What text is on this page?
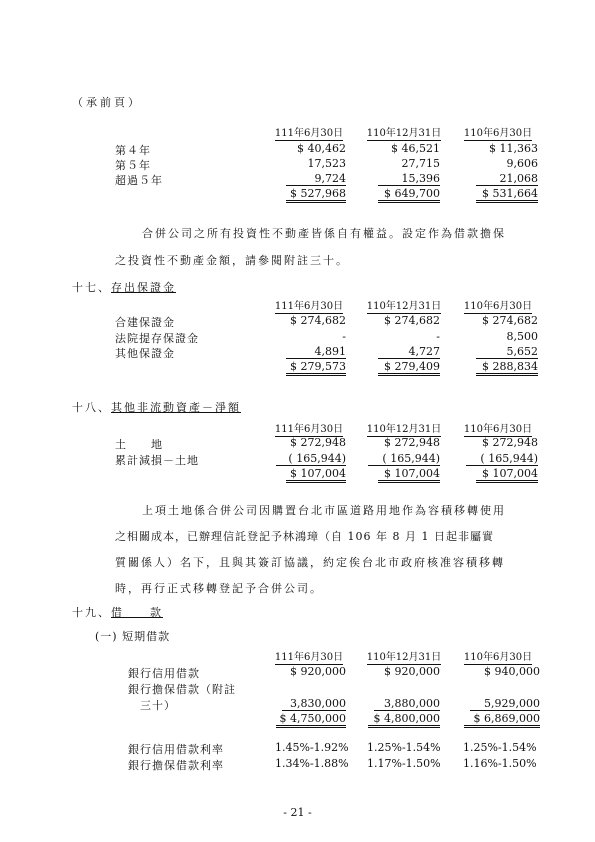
（承前頁）
111年6月30日	110年12月31日	110年6月30日
第４年	$ 40,462	$ 46,521	$ 11,363
第５年	17,523	27,715	9,606
超過５年	9,724	15,396	21,068
$ 527,968	$ 649,700	$ 531,664
合併公司之所有投資性不動產皆係自有權益。設定作為借款擔保
之投資性不動產金額，請參閱附註三十。
十七、存出保證金
111年6月30日	110年12月31日	110年6月30日
合建保證金	$ 274,682	$ 274,682	$ 274,682
法院提存保證金	-	-	8,500
其他保證金	4,891	4,727	5,652
$ 279,573	$ 279,409	$ 288,834
十八、其他非流動資產－淨額
111年6月30日	110年12月31日	110年6月30日
土　　地	$ 272,948	$ 272,948	$ 272,948
累計減損－土地	( 165,944)	( 165,944)	( 165,944)
$ 107,004	$ 107,004	$ 107,004
上項土地係合併公司因購置台北市區道路用地作為容積移轉使用
之相關成本，已辦理信託登記予林鴻璋（自 106 年 8 月 1 日起非屬實
質關係人）名下，且與其簽訂協議，約定俟台北市政府核准容積移轉
時，再行正式移轉登記予合併公司。
十九、借　　款
(一) 短期借款
111年6月30日	110年12月31日	110年6月30日
銀行信用借款	$ 920,000	$ 920,000	$ 940,000
銀行擔保借款（附註
三十）	3,830,000	3,880,000	5,929,000
$ 4,750,000	$ 4,800,000	$ 6,869,000
銀行信用借款利率	1.45%-1.92% 1.25%-1.54% 1.25%-1.54%
銀行擔保借款利率	1.34%-1.88% 1.17%-1.50% 1.16%-1.50%
- 21 -
